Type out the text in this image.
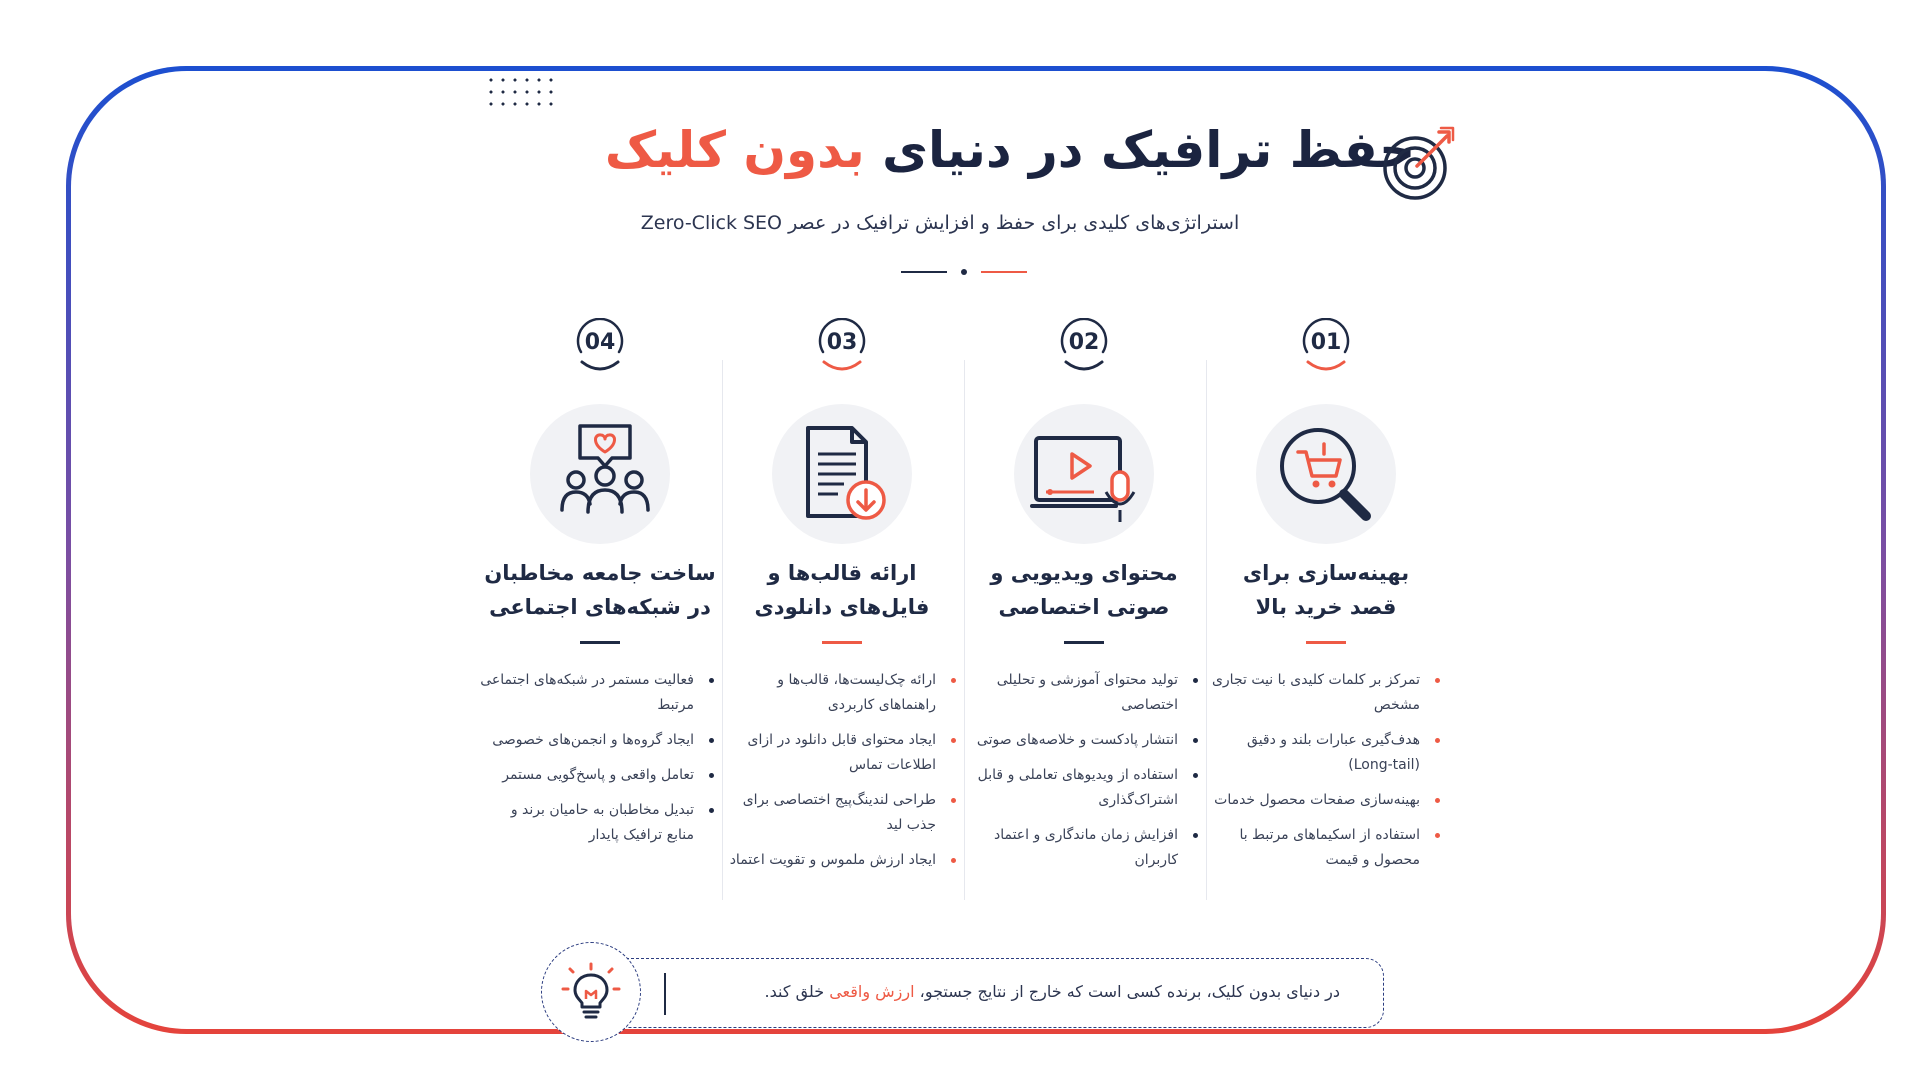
حفظ ترافیک در دنیای بدون کلیک
استراتژی‌های کلیدی برای حفظ و افزایش ترافیک در عصر Zero-Click SEO
01
بهینه‌سازی برای
قصد خرید بالا
تمرکز بر کلمات کلیدی با نیت تجاری مشخص
هدف‌گیری عبارات بلند و دقیق (Long-tail)
بهینه‌سازی صفحات محصول خدمات
استفاده از اسکیماهای مرتبط با محصول و قیمت
02
محتوای ویدیویی و
صوتی اختصاصی
تولید محتوای آموزشی و تحلیلی اختصاصی
انتشار پادکست و خلاصه‌های صوتی
استفاده از ویدیوهای تعاملی و قابل اشتراک‌گذاری
افزایش زمان ماندگاری و اعتماد کاربران
03
ارائه قالب‌ها و
فایل‌های دانلودی
ارائه چک‌لیست‌ها، قالب‌ها و راهنماهای کاربردی
ایجاد محتوای قابل دانلود در ازای اطلاعات تماس
طراحی لندینگ‌پیج اختصاصی برای جذب لید
ایجاد ارزش ملموس و تقویت اعتماد
04
ساخت جامعه مخاطبان
در شبکه‌های اجتماعی
فعالیت مستمر در شبکه‌های اجتماعی مرتبط
ایجاد گروه‌ها و انجمن‌های خصوصی
تعامل واقعی و پاسخ‌گویی مستمر
تبدیل مخاطبان به حامیان برند و منابع ترافیک پایدار
در دنیای بدون کلیک، برنده کسی است که خارج از نتایج جستجو، ارزش واقعی خلق کند.
